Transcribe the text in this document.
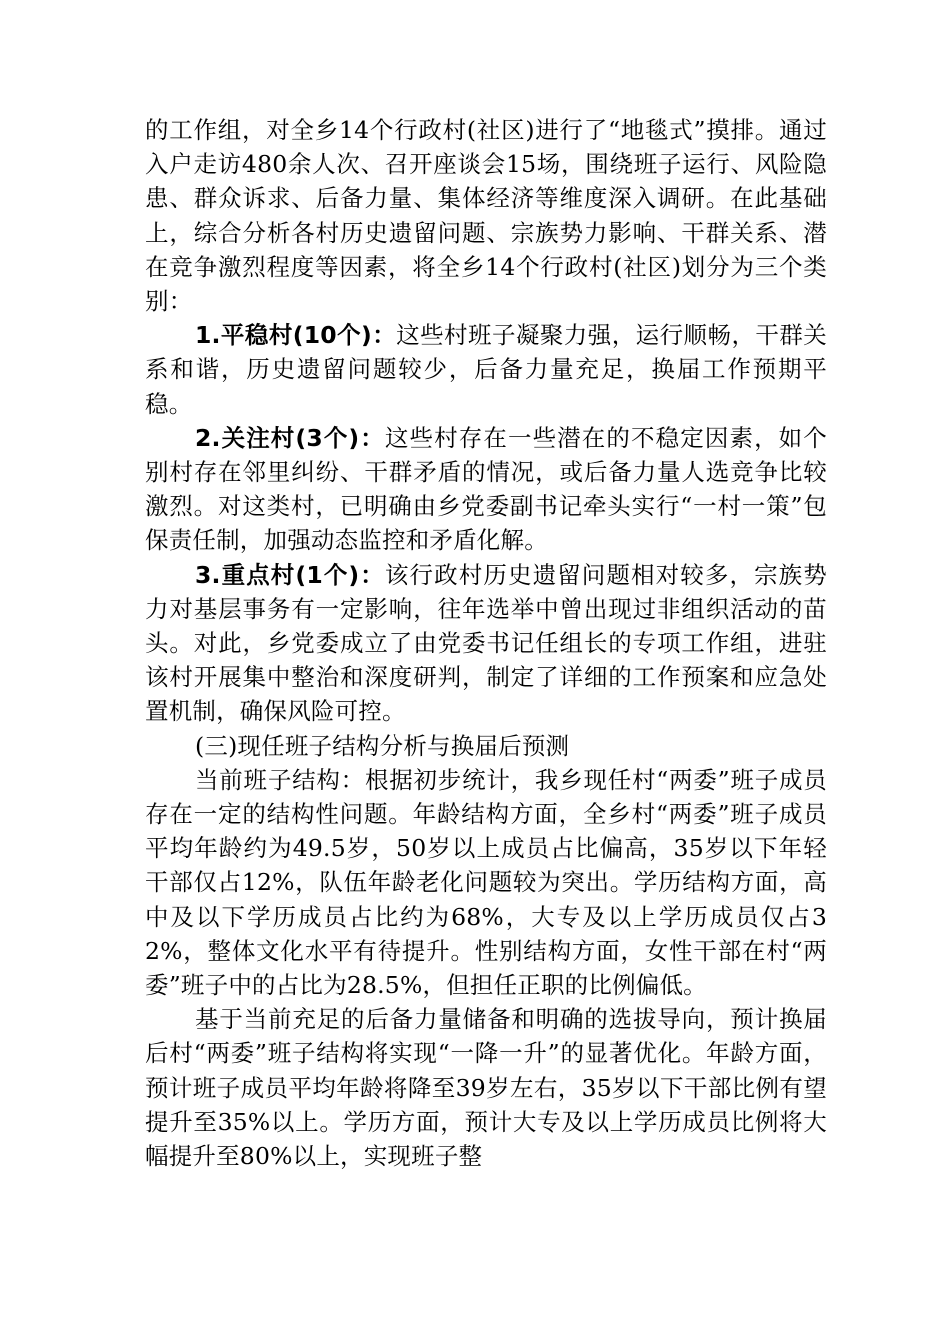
的工作组，对全乡14个行政村(社区)进行了“地毯式”摸排。通过入户走访480余人次、召开座谈会15场，围绕班子运行、风险隐患、群众诉求、后备力量、集体经济等维度深入调研。在此基础上，综合分析各村历史遗留问题、宗族势力影响、干群关系、潜在竞争激烈程度等因素，将全乡14个行政村(社区)划分为三个类别：

1.平稳村(10个)：这些村班子凝聚力强，运行顺畅，干群关系和谐，历史遗留问题较少，后备力量充足，换届工作预期平稳。

2.关注村(3个)：这些村存在一些潜在的不稳定因素，如个别村存在邻里纠纷、干群矛盾的情况，或后备力量人选竞争比较激烈。对这类村，已明确由乡党委副书记牵头实行“一村一策”包保责任制，加强动态监控和矛盾化解。

3.重点村(1个)：该行政村历史遗留问题相对较多，宗族势力对基层事务有一定影响，往年选举中曾出现过非组织活动的苗头。对此，乡党委成立了由党委书记任组长的专项工作组，进驻该村开展集中整治和深度研判，制定了详细的工作预案和应急处置机制，确保风险可控。

(三)现任班子结构分析与换届后预测

当前班子结构：根据初步统计，我乡现任村“两委”班子成员存在一定的结构性问题。年龄结构方面，全乡村“两委”班子成员平均年龄约为49.5岁，50岁以上成员占比偏高，35岁以下年轻干部仅占12%，队伍年龄老化问题较为突出。学历结构方面，高中及以下学历成员占比约为68%，大专及以上学历成员仅占32%，整体文化水平有待提升。性别结构方面，女性干部在村“两委”班子中的占比为28.5%，但担任正职的比例偏低。

基于当前充足的后备力量储备和明确的选拔导向，预计换届后村“两委”班子结构将实现“一降一升”的显著优化。年龄方面，预计班子成员平均年龄将降至39岁左右，35岁以下干部比例有望提升至35%以上。学历方面，预计大专及以上学历成员比例将大幅提升至80%以上，实现班子整
